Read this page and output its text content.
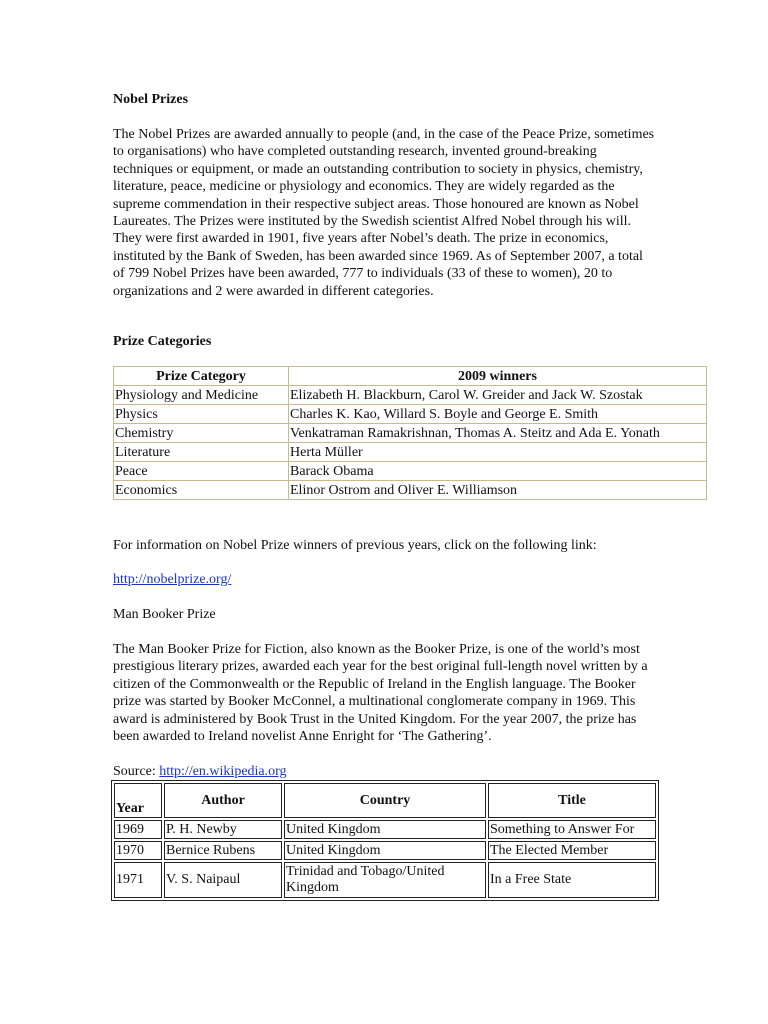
Nobel Prizes

The Nobel Prizes are awarded annually to people (and, in the case of the Peace Prize, sometimes to organisations) who have completed outstanding research, invented ground-breaking techniques or equipment, or made an outstanding contribution to society in physics, chemistry, literature, peace, medicine or physiology and economics. They are widely regarded as the supreme commendation in their respective subject areas. Those honoured are known as Nobel Laureates. The Prizes were instituted by the Swedish scientist Alfred Nobel through his will. They were first awarded in 1901, five years after Nobel’s death. The prize in economics, instituted by the Bank of Sweden, has been awarded since 1969. As of September 2007, a total of 799 Nobel Prizes have been awarded, 777 to individuals (33 of these to women), 20 to organizations and 2 were awarded in different categories.

Prize Categories

Prize Category	2009 winners
Physiology and Medicine	Elizabeth H. Blackburn, Carol W. Greider and Jack W. Szostak
Physics	Charles K. Kao, Willard S. Boyle and George E. Smith
Chemistry	Venkatraman Ramakrishnan, Thomas A. Steitz and Ada E. Yonath
Literature	Herta Müller
Peace	Barack Obama
Economics	Elinor Ostrom and Oliver E. Williamson

For information on Nobel Prize winners of previous years, click on the following link:

http://nobelprize.org/

Man Booker Prize

The Man Booker Prize for Fiction, also known as the Booker Prize, is one of the world’s most prestigious literary prizes, awarded each year for the best original full-length novel written by a citizen of the Commonwealth or the Republic of Ireland in the English language. The Booker prize was started by Booker McConnel, a multinational conglomerate company in 1969. This award is administered by Book Trust in the United Kingdom. For the year 2007, the prize has been awarded to Ireland novelist Anne Enright for ‘The Gathering’.

Source: http://en.wikipedia.org

Year	Author	Country	Title
1969	P. H. Newby	United Kingdom	Something to Answer For
1970	Bernice Rubens	United Kingdom	The Elected Member
1971	V. S. Naipaul	Trinidad and Tobago/United Kingdom	In a Free State
